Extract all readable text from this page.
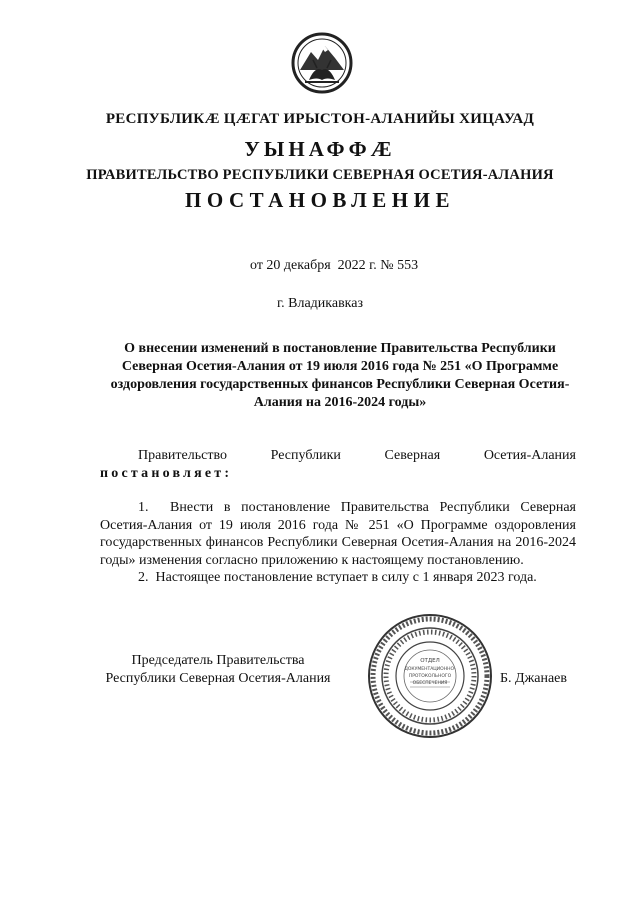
РЕСПУБЛИКӔ ЦӔГАТ ИРЫСТОН-АЛАНИЙЫ ХИЦАУАД
УЫНАФФӔ
ПРАВИТЕЛЬСТВО РЕСПУБЛИКИ СЕВЕРНАЯ ОСЕТИЯ-АЛАНИЯ
ПОСТАНОВЛЕНИЕ
от 20 декабря  2022 г. № 553
г. Владикавказ
О внесении изменений в постановление Правительства Республики Северная Осетия-Алания от 19 июля 2016 года № 251 «О Программе оздоровления государственных финансов Республики Северная Осетия-Алания на 2016-2024 годы»
Правительство	Республики	Северная	Осетия-Алания
постановляет:

1. Внести в постановление Правительства Республики Северная Осетия-Алания от 19 июля 2016 года № 251 «О Программе оздоровления государственных финансов Республики Северная Осетия-Алания на 2016-2024 годы» изменения согласно приложению к настоящему постановлению.

2. Настоящее постановление вступает в силу с 1 января 2023 года.

Председатель Правительства
Республики Северная Осетия-Алания
ОТДЕЛ
ДОКУМЕНТАЦИОННО-
ПРОТОКОЛЬНОГО
ОБЕСПЕЧЕНИЯ	Б. Джанаев
